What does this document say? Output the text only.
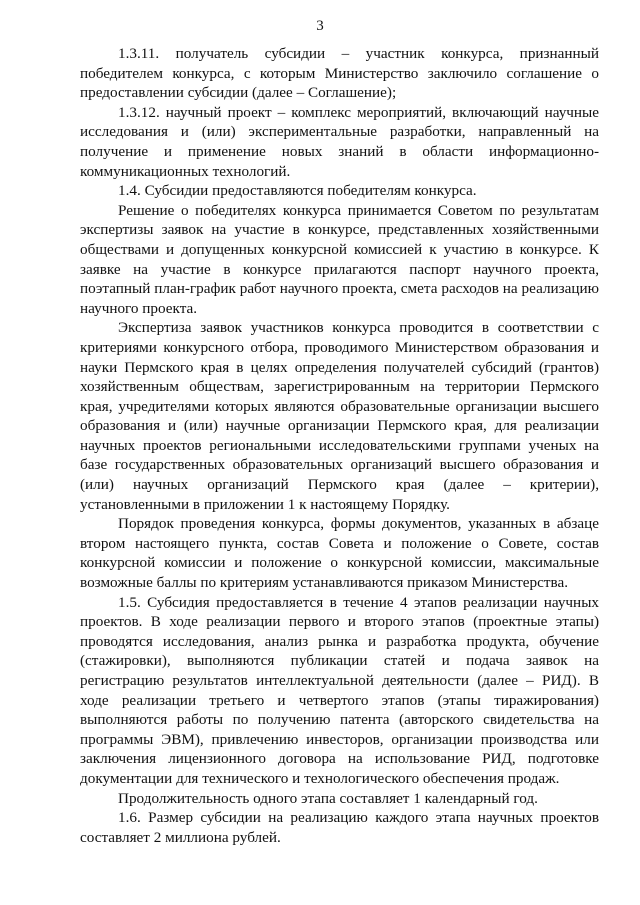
3

1.3.11. получатель субсидии – участник конкурса, признанный победителем конкурса, с которым Министерство заключило соглашение о предоставлении субсидии (далее – Соглашение);

1.3.12. научный проект – комплекс мероприятий, включающий научные исследования и (или) экспериментальные разработки, направленный на получение и применение новых знаний в области информационно-коммуникационных технологий.

1.4. Субсидии предоставляются победителям конкурса.

Решение о победителях конкурса принимается Советом по результатам экспертизы заявок на участие в конкурсе, представленных хозяйственными обществами и допущенных конкурсной комиссией к участию в конкурсе. К заявке на участие в конкурсе прилагаются паспорт научного проекта, поэтапный план-график работ научного проекта, смета расходов на реализацию научного проекта.

Экспертиза заявок участников конкурса проводится в соответствии с критериями конкурсного отбора, проводимого Министерством образования и науки Пермского края в целях определения получателей субсидий (грантов) хозяйственным обществам, зарегистрированным на территории Пермского края, учредителями которых являются образовательные организации высшего образования и (или) научные организации Пермского края, для реализации научных проектов региональными исследовательскими группами ученых на базе государственных образовательных организаций высшего образования и (или) научных организаций Пермского края (далее – критерии), установленными в приложении 1 к настоящему Порядку.

Порядок проведения конкурса, формы документов, указанных в абзаце втором настоящего пункта, состав Совета и положение о Совете, состав конкурсной комиссии и положение о конкурсной комиссии, максимальные возможные баллы по критериям устанавливаются приказом Министерства.

1.5. Субсидия предоставляется в течение 4 этапов реализации научных проектов. В ходе реализации первого и второго этапов (проектные этапы) проводятся исследования, анализ рынка и разработка продукта, обучение (стажировки), выполняются публикации статей и подача заявок на регистрацию результатов интеллектуальной деятельности (далее – РИД). В ходе реализации третьего и четвертого этапов (этапы тиражирования) выполняются работы по получению патента (авторского свидетельства на программы ЭВМ), привлечению инвесторов, организации производства или заключения лицензионного договора на использование РИД, подготовке документации для технического и технологического обеспечения продаж.

Продолжительность одного этапа составляет 1 календарный год.

1.6. Размер субсидии на реализацию каждого этапа научных проектов составляет 2 миллиона рублей.
